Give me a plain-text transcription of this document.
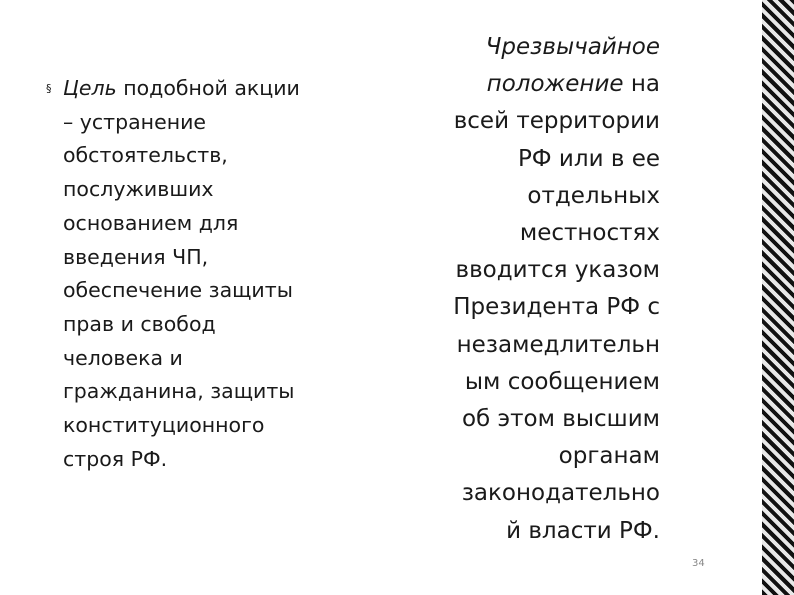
§ Цель подобной акции
– устранение
обстоятельств,
послуживших
основанием для
введения ЧП,
обеспечение защиты
прав и свобод
человека и
гражданина, защиты
конституционного
строя РФ.

Чрезвычайное
положение на
всей территории
РФ или в ее
отдельных
местностях
вводится указом
Президента РФ с
незамедлительн
ым сообщением
об этом высшим
органам
законодательно
й власти РФ.

34
